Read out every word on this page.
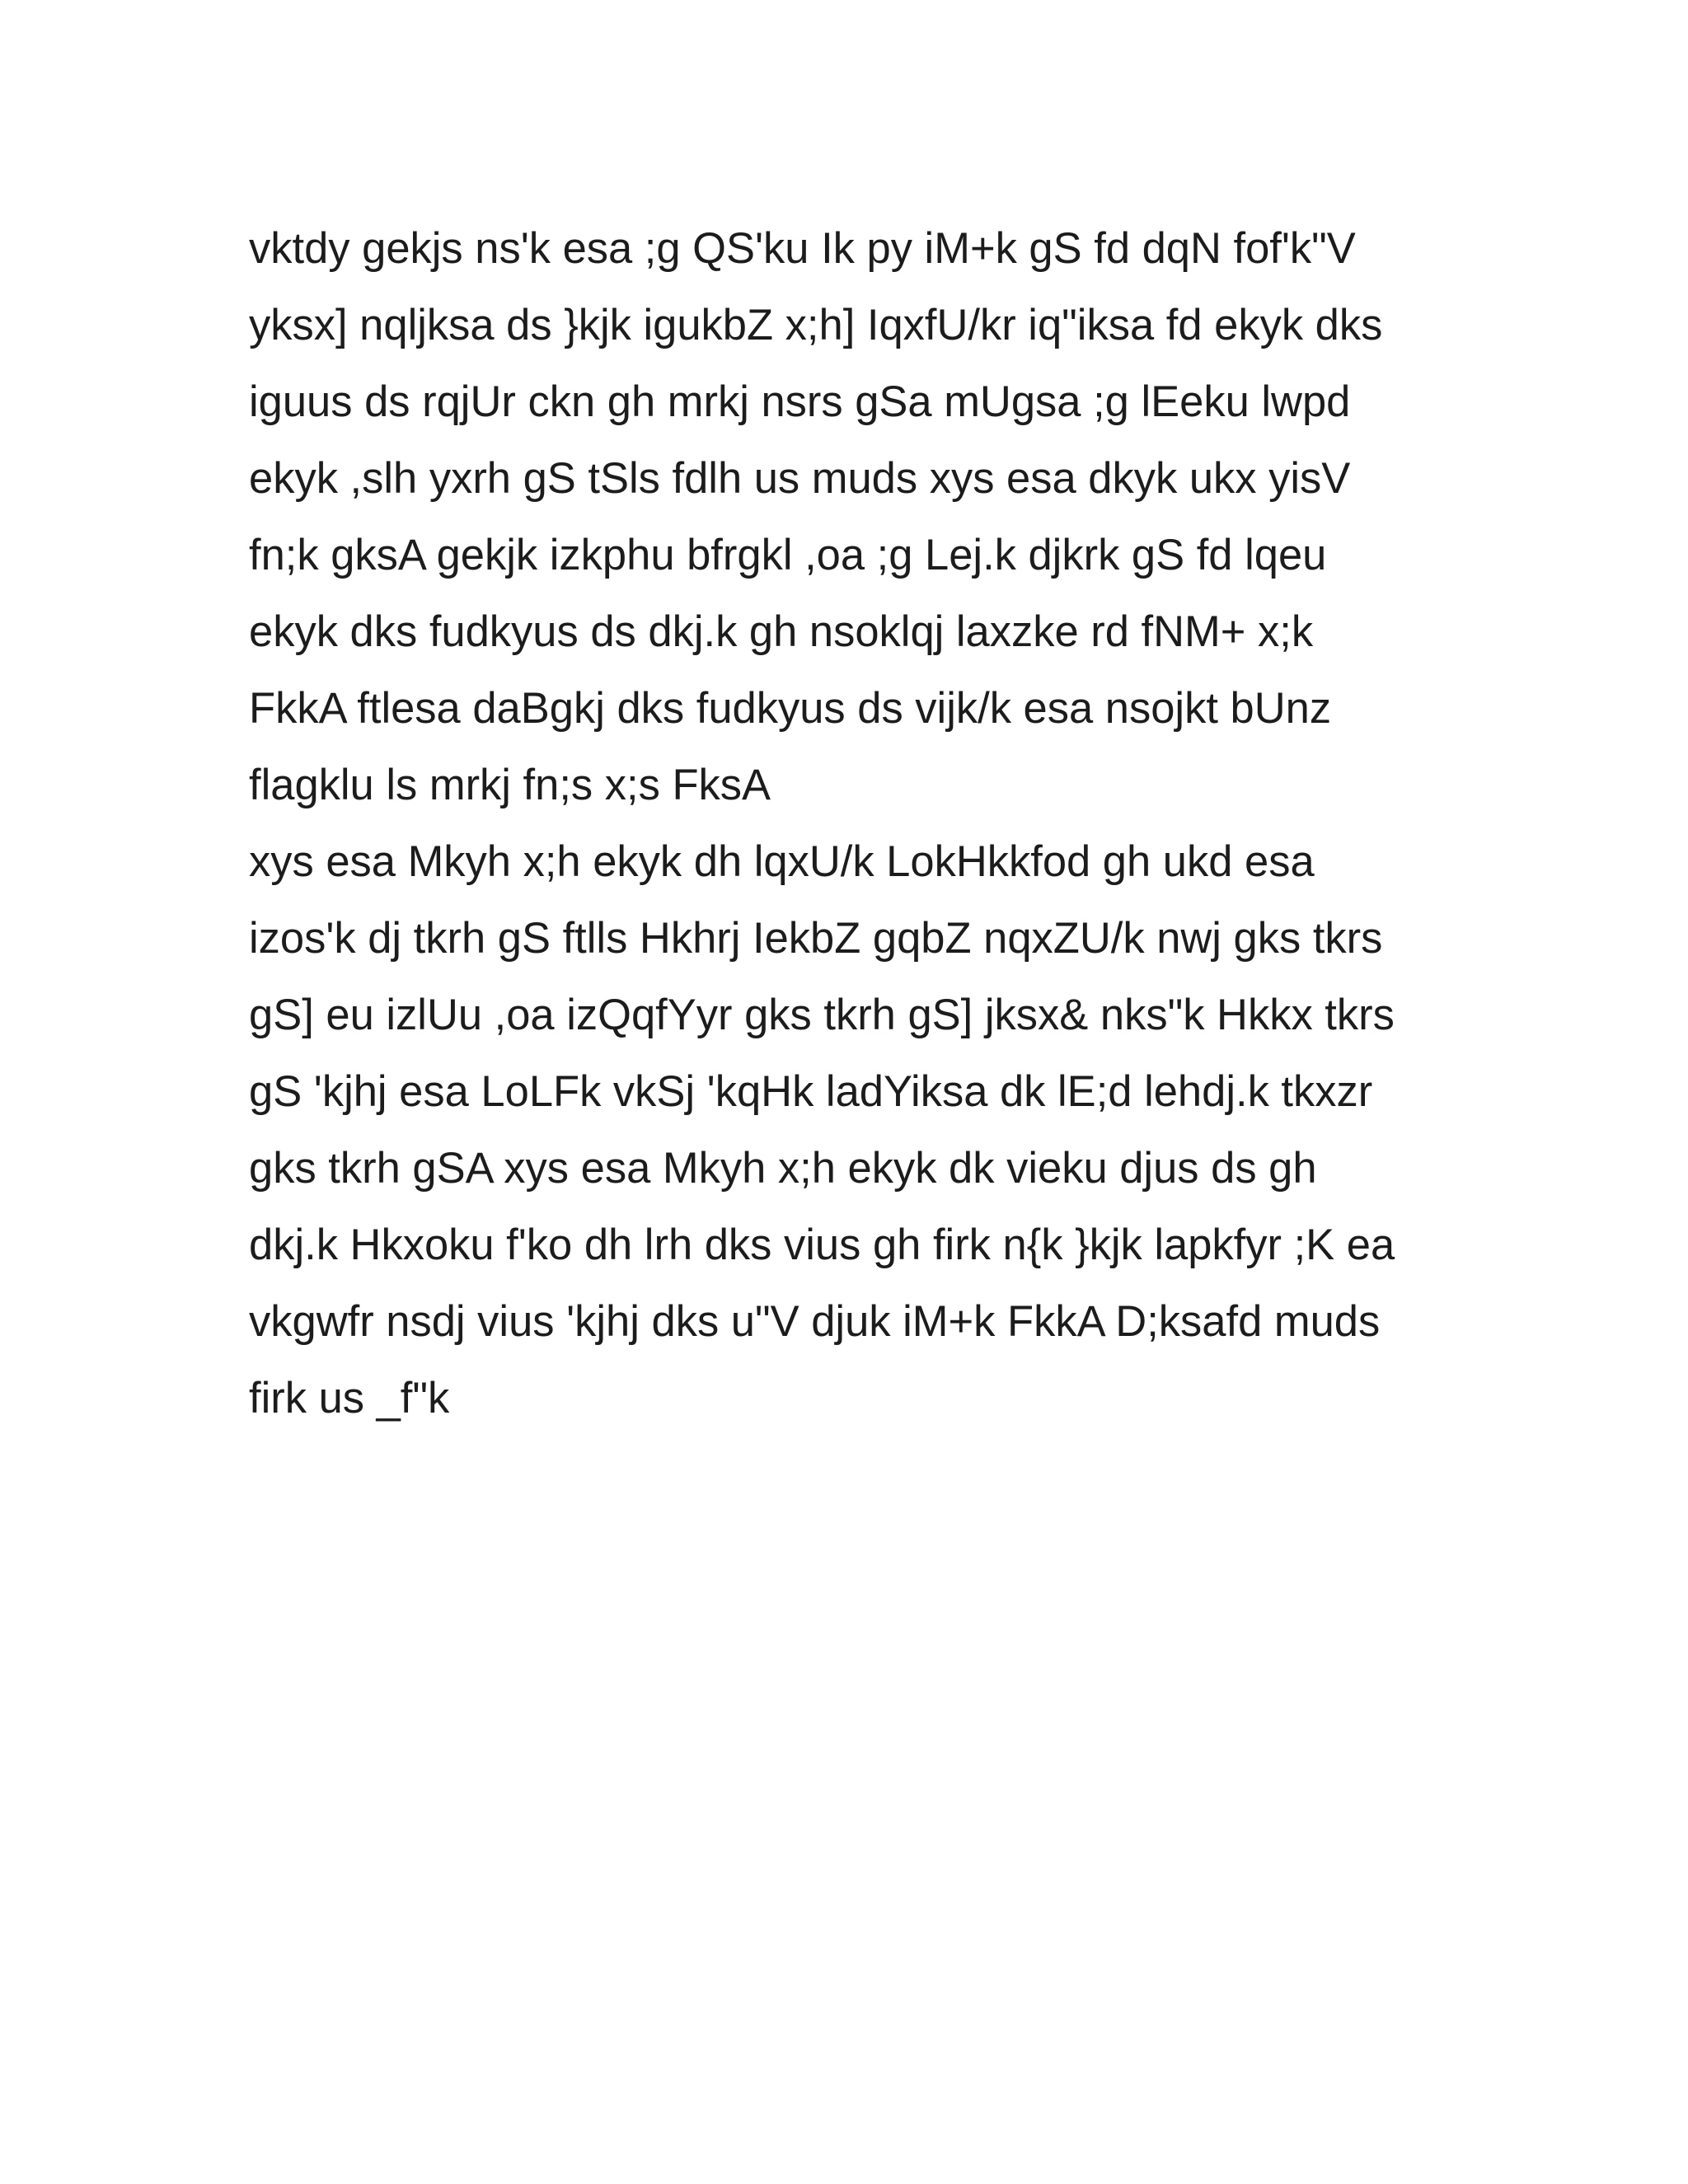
vktdy gekjs ns'k esa ;g QS'ku Ik py iM+k gS fd dqN fof'k"V
yksx] nqljksa ds }kjk igukbZ x;h] IqxfU/kr iq"iksa fd ekyk dks
iguus ds rqjUr ckn gh mrkj nsrs gSa mUgsa ;g lEeku lwpd
ekyk ,slh yxrh gS tSls fdlh us muds xys esa dkyk ukx yisV
fn;k gksA gekjk izkphu bfrgkl ,oa ;g Lej.k djkrk gS fd lqeu
ekyk dks fudkyus ds dkj.k gh nsoklqj laxzke rd fNM+ x;k
FkkA ftlesa daBgkj dks fudkyus ds vijk/k esa nsojkt bUnz
flagklu ls mrkj fn;s x;s FksA
xys esa Mkyh x;h ekyk dh lqxU/k LokHkkfod gh ukd esa
izos'k dj tkrh gS ftlls Hkhrj IekbZ gqbZ nqxZU/k nwj gks tkrs
gS] eu izlUu ,oa izQqfYyr gks tkrh gS] jksx& nks"k Hkkx tkrs
gS 'kjhj esa LoLFk vkSj 'kqHk ladYiksa dk lE;d lehdj.k tkxzr
gks tkrh gSA xys esa Mkyh x;h ekyk dk vieku djus ds gh
dkj.k Hkxoku f'ko dh lrh dks vius gh firk n{k }kjk lapkfyr ;K ea
vkgwfr nsdj vius 'kjhj dks u"V djuk iM+k FkkA D;ksafd muds
firk us _f"k
